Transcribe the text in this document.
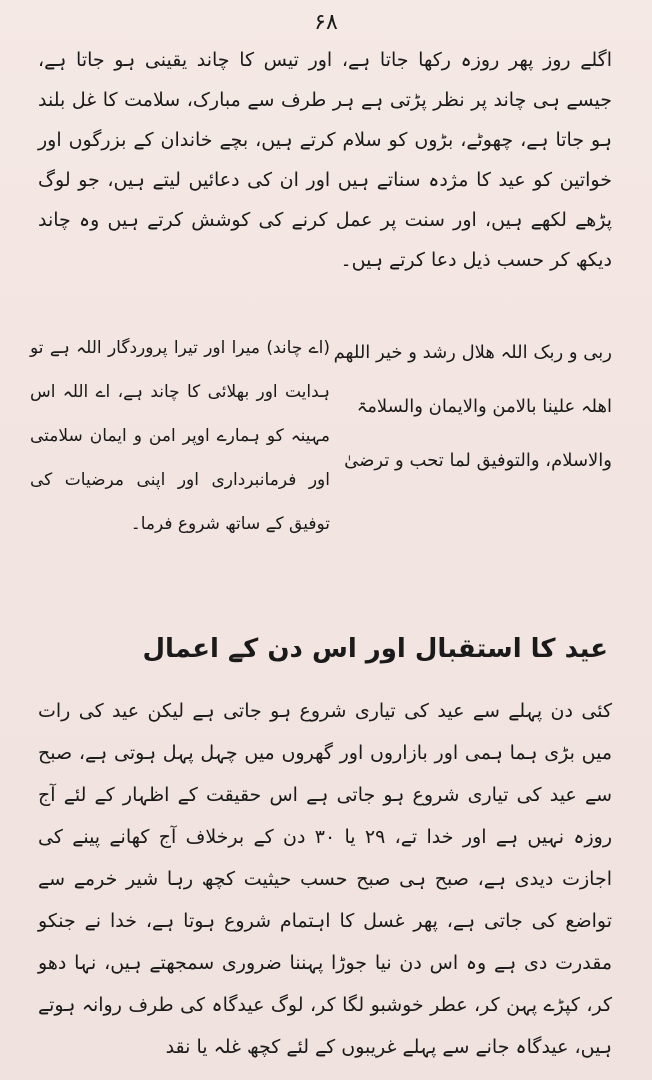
۶۸
اگلے روز پھر روزہ رکھا جاتا ہے، اور تیس کا چاند یقینی ہو جاتا ہے، جیسے ہی چاند پر نظر پڑتی ہے ہر طرف سے مبارک، سلامت کا غل بلند ہو جاتا ہے، چھوٹے، بڑوں کو سلام کرتے ہیں، بچے خاندان کے بزرگوں اور خواتین کو عید کا مژدہ سناتے ہیں اور ان کی دعائیں لیتے ہیں، جو لوگ پڑھے لکھے ہیں، اور سنت پر عمل کرنے کی کوشش کرتے ہیں وہ چاند دیکھ کر حسب ذیل دعا کرتے ہیں۔
ربی و ربک اللہ ھلال رشد و خیر اللھم اھلہ علینا بالامن والایمان والسلامۃ والاسلام، والتوفیق لما تحب و ترضیٰ
(اے چاند) میرا اور تیرا پروردگار اللہ ہے تو ہدایت اور بھلائی کا چاند ہے، اے اللہ اس مہینہ کو ہمارے اوپر امن و ایمان سلامتی اور فرمانبرداری اور اپنی مرضیات کی توفیق کے ساتھ شروع فرما۔
عید کا استقبال اور اس دن کے اعمال
کئی دن پہلے سے عید کی تیاری شروع ہو جاتی ہے لیکن عید کی رات میں بڑی ہما ہمی اور بازاروں اور گھروں میں چہل پہل ہوتی ہے، صبح سے عید کی تیاری شروع ہو جاتی ہے اس حقیقت کے اظہار کے لئے آج روزہ نہیں ہے اور خدا تے، ۲۹ یا ۳۰ دن کے برخلاف آج کھانے پینے کی اجازت دیدی ہے، صبح ہی صبح حسب حیثیت کچھ رہا شیر خرمے سے تواضع کی جاتی ہے، پھر غسل کا اہتمام شروع ہوتا ہے، خدا نے جنکو مقدرت دی ہے وہ اس دن نیا جوڑا پہننا ضروری سمجھتے ہیں، نہا دھو کر، کپڑے پہن کر، عطر خوشبو لگا کر، لوگ عیدگاہ کی طرف روانہ ہوتے ہیں، عیدگاہ جانے سے پہلے غریبوں کے لئے کچھ غلہ یا نقد
